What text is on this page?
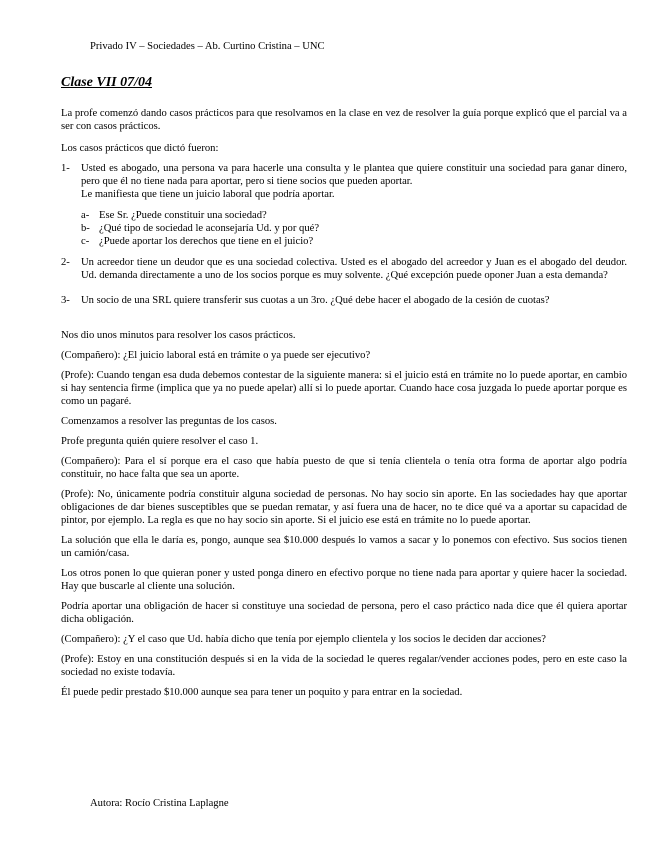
Privado IV – Sociedades – Ab. Curtino Cristina – UNC
Clase VII 07/04

La profe comenzó dando casos prácticos para que resolvamos en la clase en vez de resolver la guía porque explicó que el parcial va a ser con casos prácticos.

Los casos prácticos que dictó fueron:

1-	Usted es abogado, una persona va para hacerle una consulta y le plantea que quiere constituir una sociedad para ganar dinero, pero que él no tiene nada para aportar, pero si tiene socios que pueden aportar.
Le manifiesta que tiene un juicio laboral que podría aportar.
a- Ese Sr. ¿Puede constituir una sociedad?
b- ¿Qué tipo de sociedad le aconsejaría Ud. y por qué?
c- ¿Puede aportar los derechos que tiene en el juicio?
2-	Un acreedor tiene un deudor que es una sociedad colectiva. Usted es el abogado del acreedor y Juan es el abogado del deudor. Ud. demanda directamente a uno de los socios porque es muy solvente. ¿Qué excepción puede oponer Juan a esta demanda?
3-	Un socio de una SRL quiere transferir sus cuotas a un 3ro. ¿Qué debe hacer el abogado de la cesión de cuotas?

Nos dio unos minutos para resolver los casos prácticos.

(Compañero): ¿El juicio laboral está en trámite o ya puede ser ejecutivo?

(Profe): Cuando tengan esa duda debemos contestar de la siguiente manera: si el juicio está en trámite no lo puede aportar, en cambio si hay sentencia firme (implica que ya no puede apelar) allí si lo puede aportar. Cuando hace cosa juzgada lo puede aportar porque es como un pagaré.

Comenzamos a resolver las preguntas de los casos.

Profe pregunta quién quiere resolver el caso 1.

(Compañero): Para el sí porque era el caso que había puesto de que si tenía clientela o tenía otra forma de aportar algo podría constituir, no hace falta que sea un aporte.

(Profe): No, únicamente podría constituir alguna sociedad de personas. No hay socio sin aporte. En las sociedades hay que aportar obligaciones de dar bienes susceptibles que se puedan rematar, y así fuera una de hacer, no te dice qué va a aportar su capacidad de pintor, por ejemplo. La regla es que no hay socio sin aporte. Si el juicio ese está en trámite no lo puede aportar.

La solución que ella le daría es, pongo, aunque sea $10.000 después lo vamos a sacar y lo ponemos con efectivo. Sus socios tienen un camión/casa.

Los otros ponen lo que quieran poner y usted ponga dinero en efectivo porque no tiene nada para aportar y quiere hacer la sociedad. Hay que buscarle al cliente una solución.

Podría aportar una obligación de hacer si constituye una sociedad de persona, pero el caso práctico nada dice que él quiera aportar dicha obligación.

(Compañero): ¿Y el caso que Ud. había dicho que tenía por ejemplo clientela y los socios le deciden dar acciones?

(Profe): Estoy en una constitución después si en la vida de la sociedad le queres regalar/vender acciones podes, pero en este caso la sociedad no existe todavía.

Él puede pedir prestado $10.000 aunque sea para tener un poquito y para entrar en la sociedad.

Autora: Rocío Cristina Laplagne
